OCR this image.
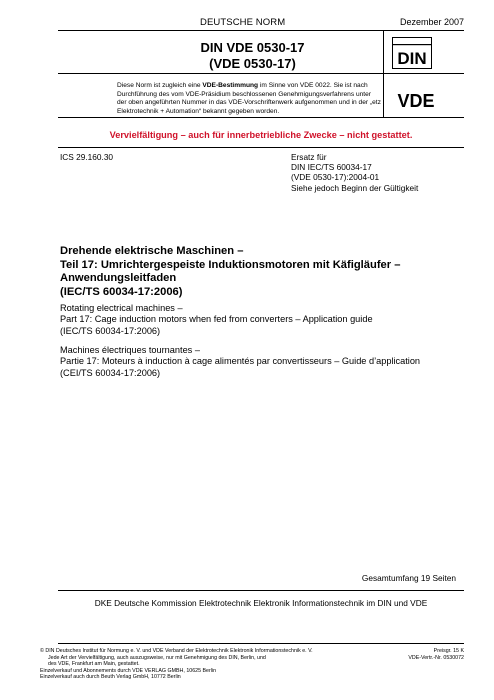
DEUTSCHE NORM	Dezember 2007
DIN VDE 0530-17
(VDE 0530-17)	DIN
VDE
Diese Norm ist zugleich eine VDE-Bestimmung im Sinne von VDE 0022. Sie ist nach Durchführung des vom VDE-Präsidium beschlossenen Genehmigungsverfahrens unter der oben angeführten Nummer in das VDE-Vorschriftenwerk aufgenommen und in der „etz Elektrotechnik + Automation“ bekannt gegeben worden.
Vervielfältigung – auch für innerbetriebliche Zwecke – nicht gestattet.
ICS 29.160.30	Ersatz für
DIN IEC/TS 60034-17
(VDE 0530-17):2004-01
Siehe jedoch Beginn der Gültigkeit
Drehende elektrische Maschinen –
Teil 17: Umrichtergespeiste Induktionsmotoren mit Käfigläufer –
Anwendungsleitfaden
(IEC/TS 60034-17:2006)
Rotating electrical machines –
Part 17: Cage induction motors when fed from converters – Application guide
(IEC/TS 60034-17:2006)
Machines électriques tournantes –
Partie 17: Moteurs à induction à cage alimentés par convertisseurs – Guide d’application
(CEI/TS 60034-17:2006)
Gesamtumfang 19 Seiten
DKE Deutsche Kommission Elektrotechnik Elektronik Informationstechnik im DIN und VDE
© DIN Deutsches Institut für Normung e. V. und VDE Verband der Elektrotechnik Elektronik Informationstechnik e. V.
Jede Art der Vervielfältigung, auch auszugsweise, nur mit Genehmigung des DIN, Berlin, und
des VDE, Frankfurt am Main, gestattet.
Einzelverkauf und Abonnements durch VDE VERLAG GMBH, 10625 Berlin
Einzelverkauf auch durch Beuth Verlag GmbH, 10772 Berlin
Preisgr. 15 K
VDE-Vertr.-Nr. 0530072
